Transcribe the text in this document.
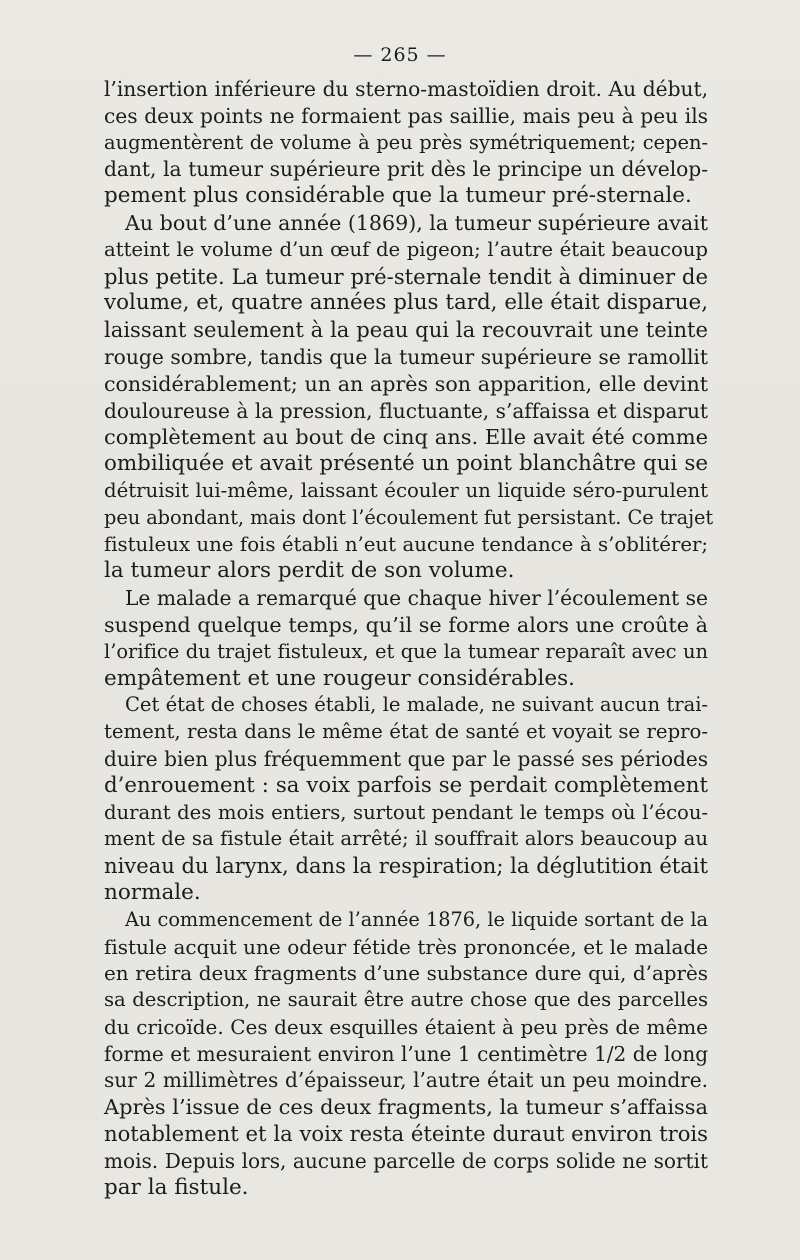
— 265 —
l’insertion inférieure du sterno-mastoïdien droit. Au début,
ces deux points ne formaient pas saillie, mais peu à peu ils
augmentèrent de volume à peu près symétriquement; cepen-
dant, la tumeur supérieure prit dès le principe un dévelop-
pement plus considérable que la tumeur pré-sternale.
Au bout d’une année (1869), la tumeur supérieure avait
atteint le volume d’un œuf de pigeon; l’autre était beaucoup
plus petite. La tumeur pré-sternale tendit à diminuer de
volume, et, quatre années plus tard, elle était disparue,
laissant seulement à la peau qui la recouvrait une teinte
rouge sombre, tandis que la tumeur supérieure se ramollit
considérablement; un an après son apparition, elle devint
douloureuse à la pression, fluctuante, s’affaissa et disparut
complètement au bout de cinq ans. Elle avait été comme
ombiliquée et avait présenté un point blanchâtre qui se
détruisit lui-même, laissant écouler un liquide séro-purulent
peu abondant, mais dont l’écoulement fut persistant. Ce trajet
fistuleux une fois établi n’eut aucune tendance à s’oblitérer;
la tumeur alors perdit de son volume.
Le malade a remarqué que chaque hiver l’écoulement se
suspend quelque temps, qu’il se forme alors une croûte à
l’orifice du trajet fistuleux, et que la tumear reparaît avec un
empâtement et une rougeur considérables.
Cet état de choses établi, le malade, ne suivant aucun trai-
tement, resta dans le même état de santé et voyait se repro-
duire bien plus fréquemment que par le passé ses périodes
d’enrouement : sa voix parfois se perdait complètement
durant des mois entiers, surtout pendant le temps où l’écou-
ment de sa fistule était arrêté; il souffrait alors beaucoup au
niveau du larynx, dans la respiration; la déglutition était
normale.
Au commencement de l’année 1876, le liquide sortant de la
fistule acquit une odeur fétide très prononcée, et le malade
en retira deux fragments d’une substance dure qui, d’après
sa description, ne saurait être autre chose que des parcelles
du cricoïde. Ces deux esquilles étaient à peu près de même
forme et mesuraient environ l’une 1 centimètre 1/2 de long
sur 2 millimètres d’épaisseur, l’autre était un peu moindre.
Après l’issue de ces deux fragments, la tumeur s’affaissa
notablement et la voix resta éteinte duraut environ trois
mois. Depuis lors, aucune parcelle de corps solide ne sortit
par la fistule.
